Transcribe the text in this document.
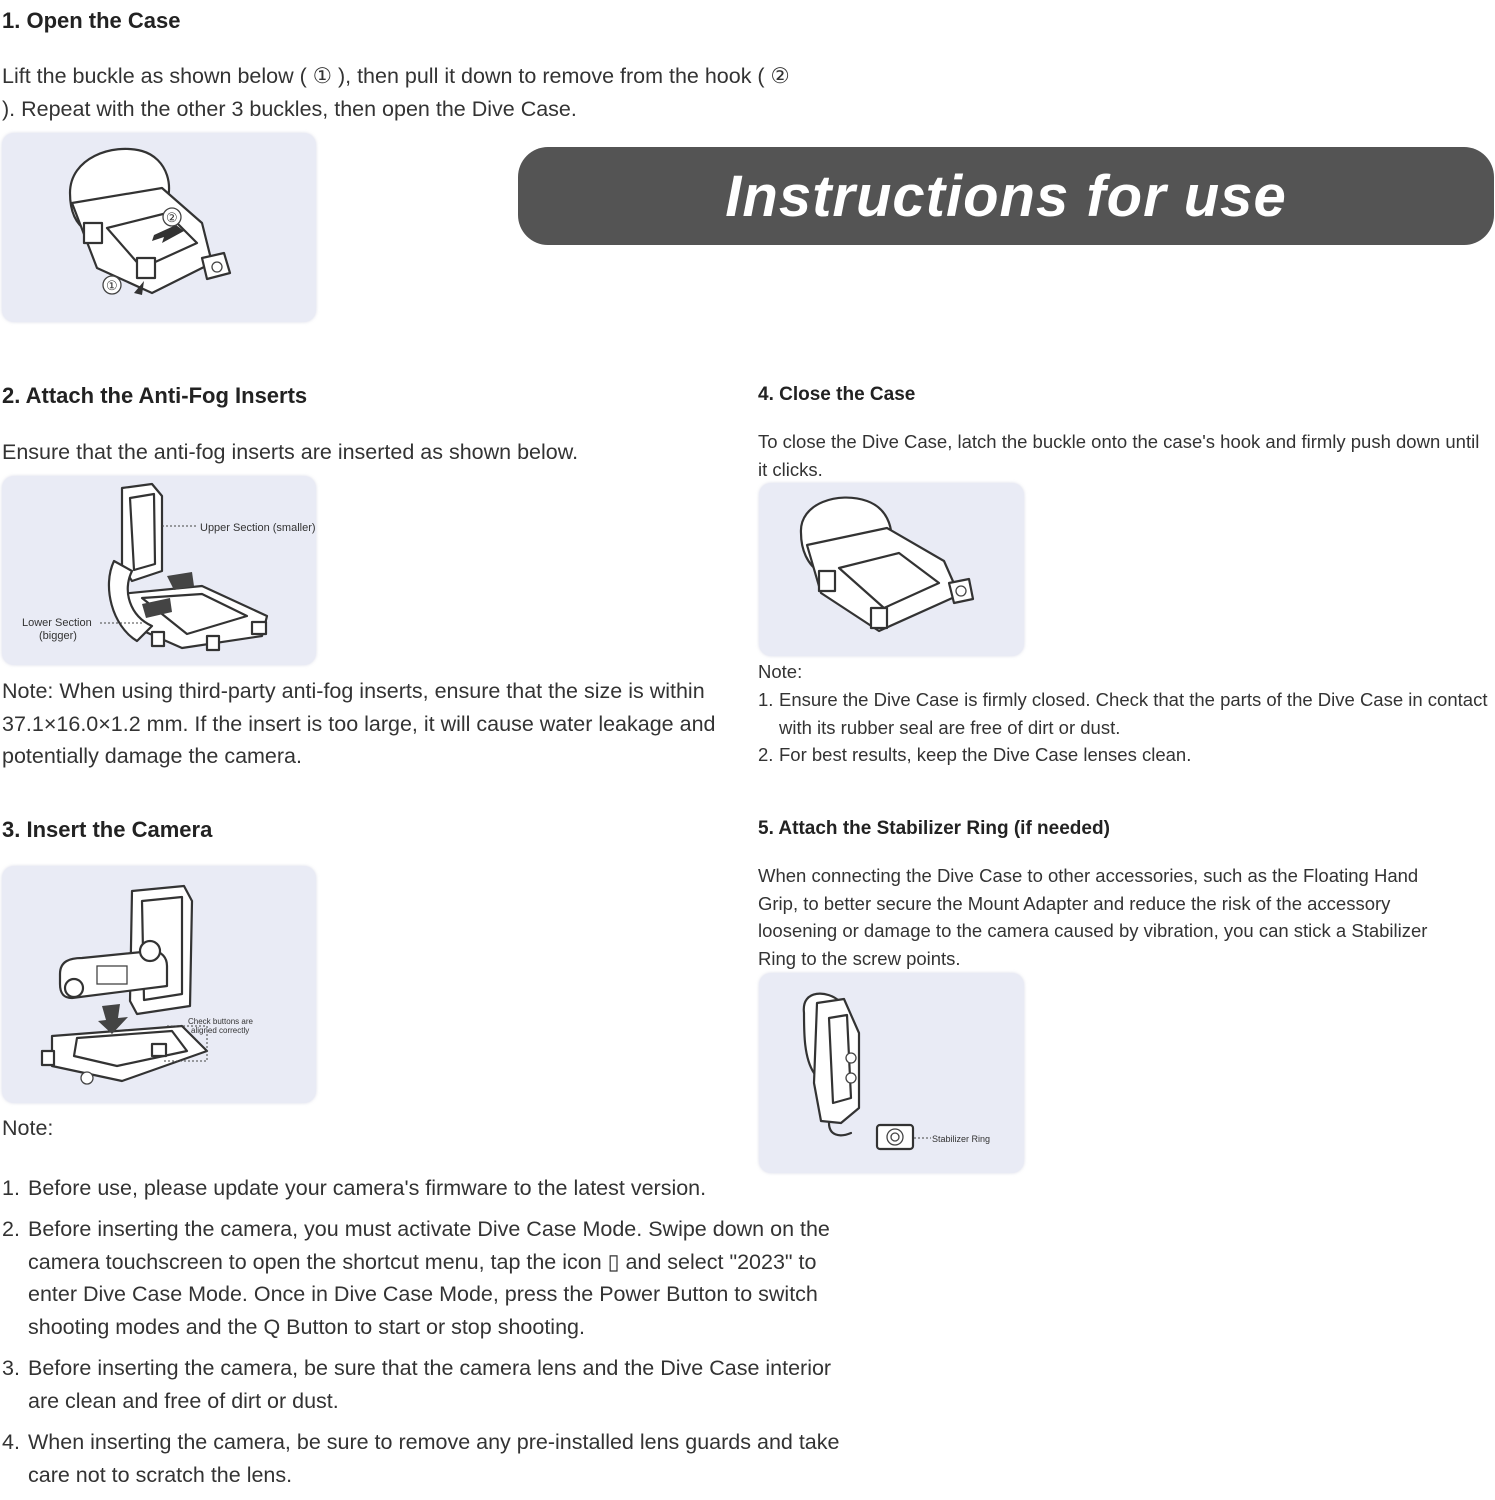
1. Open the Case
Lift the buckle as shown below ( ① ), then pull it down to remove from the hook ( ②
). Repeat with the other 3 buckles, then open the Dive Case.
②
①
Instructions for use
2. Attach the Anti-Fog Inserts
Ensure that the anti-fog inserts are inserted as shown below.
Upper Section (smaller)
Lower Section
(bigger)
Note: When using third-party anti-fog inserts, ensure that the size is within
37.1×16.0×1.2 mm. If the insert is too large, it will cause water leakage and
potentially damage the camera.
3. Insert the Camera
Check buttons are
aligned correctly
Note:
1. Before use, please update your camera's firmware to the latest version.
2. Before inserting the camera, you must activate Dive Case Mode. Swipe down on the
camera touchscreen to open the shortcut menu, tap the icon ▯ and select "2023" to
enter Dive Case Mode. Once in Dive Case Mode, press the Power Button to switch
shooting modes and the Q Button to start or stop shooting.
3. Before inserting the camera, be sure that the camera lens and the Dive Case interior
are clean and free of dirt or dust.
4. When inserting the camera, be sure to remove any pre-installed lens guards and take
care not to scratch the lens.
4. Close the Case
To close the Dive Case, latch the buckle onto the case's hook and firmly push down until
it clicks.
Note:
1. Ensure the Dive Case is firmly closed. Check that the parts of the Dive Case in contact
with its rubber seal are free of dirt or dust.
2. For best results, keep the Dive Case lenses clean.
5. Attach the Stabilizer Ring (if needed)
When connecting the Dive Case to other accessories, such as the Floating Hand
Grip, to better secure the Mount Adapter and reduce the risk of the accessory
loosening or damage to the camera caused by vibration, you can stick a Stabilizer
Ring to the screw points.
Stabilizer Ring
